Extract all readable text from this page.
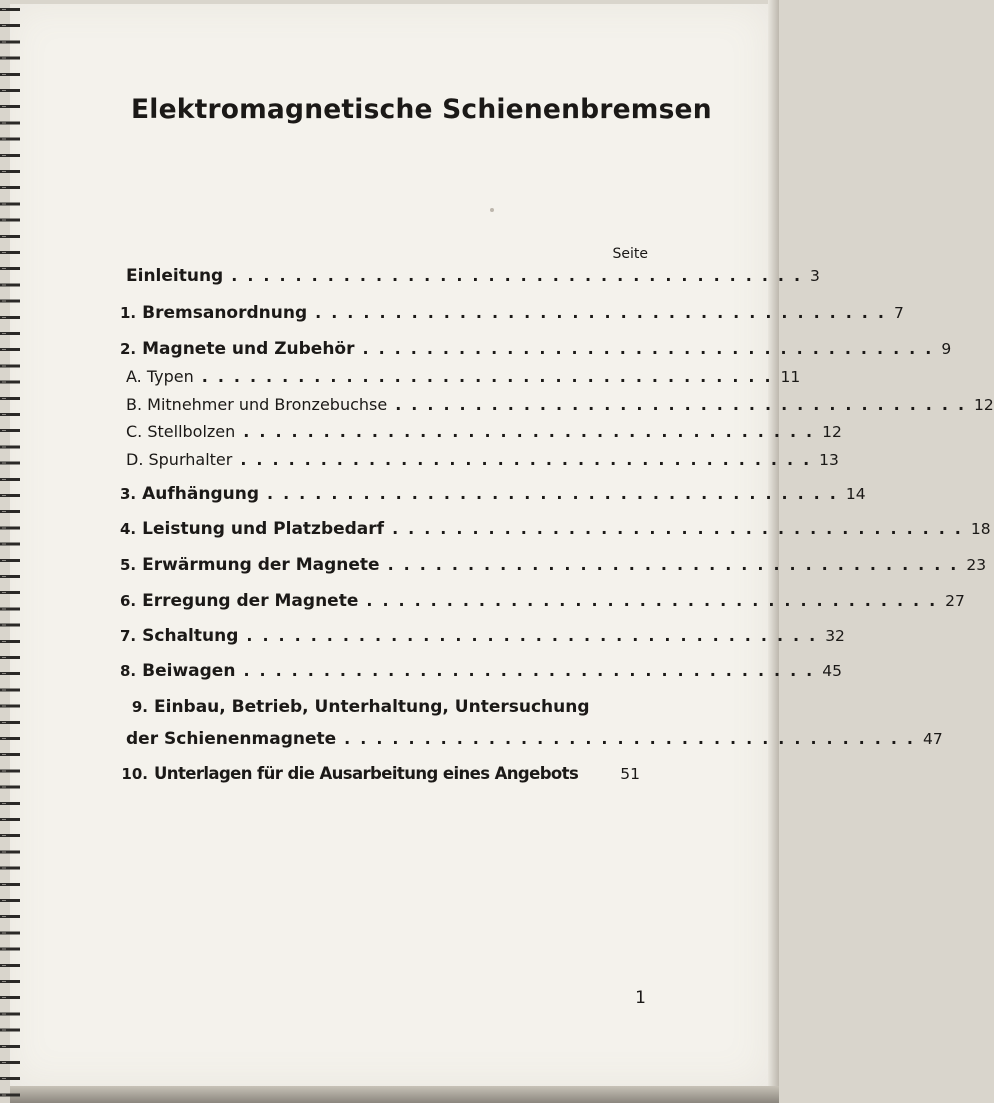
Elektromagnetische Schienenbremsen
Seite
Einleitung .................................... 3
1. Bremsanordnung .................................... 7
2. Magnete und Zubehör .................................... 9
A. Typen .................................... 11
B. Mitnehmer und Bronzebuchse .................................... 12
C. Stellbolzen .................................... 12
D. Spurhalter .................................... 13
3. Aufhängung .................................... 14
4. Leistung und Platzbedarf .................................... 18
5. Erwärmung der Magnete .................................... 23
6. Erregung der Magnete .................................... 27
7. Schaltung .................................... 32
8. Beiwagen .................................... 45
9. Einbau, Betrieb, Unterhaltung, Untersuchung
der Schienenmagnete .................................... 47
10. Unterlagen für die Ausarbeitung eines Angebots	51
1
